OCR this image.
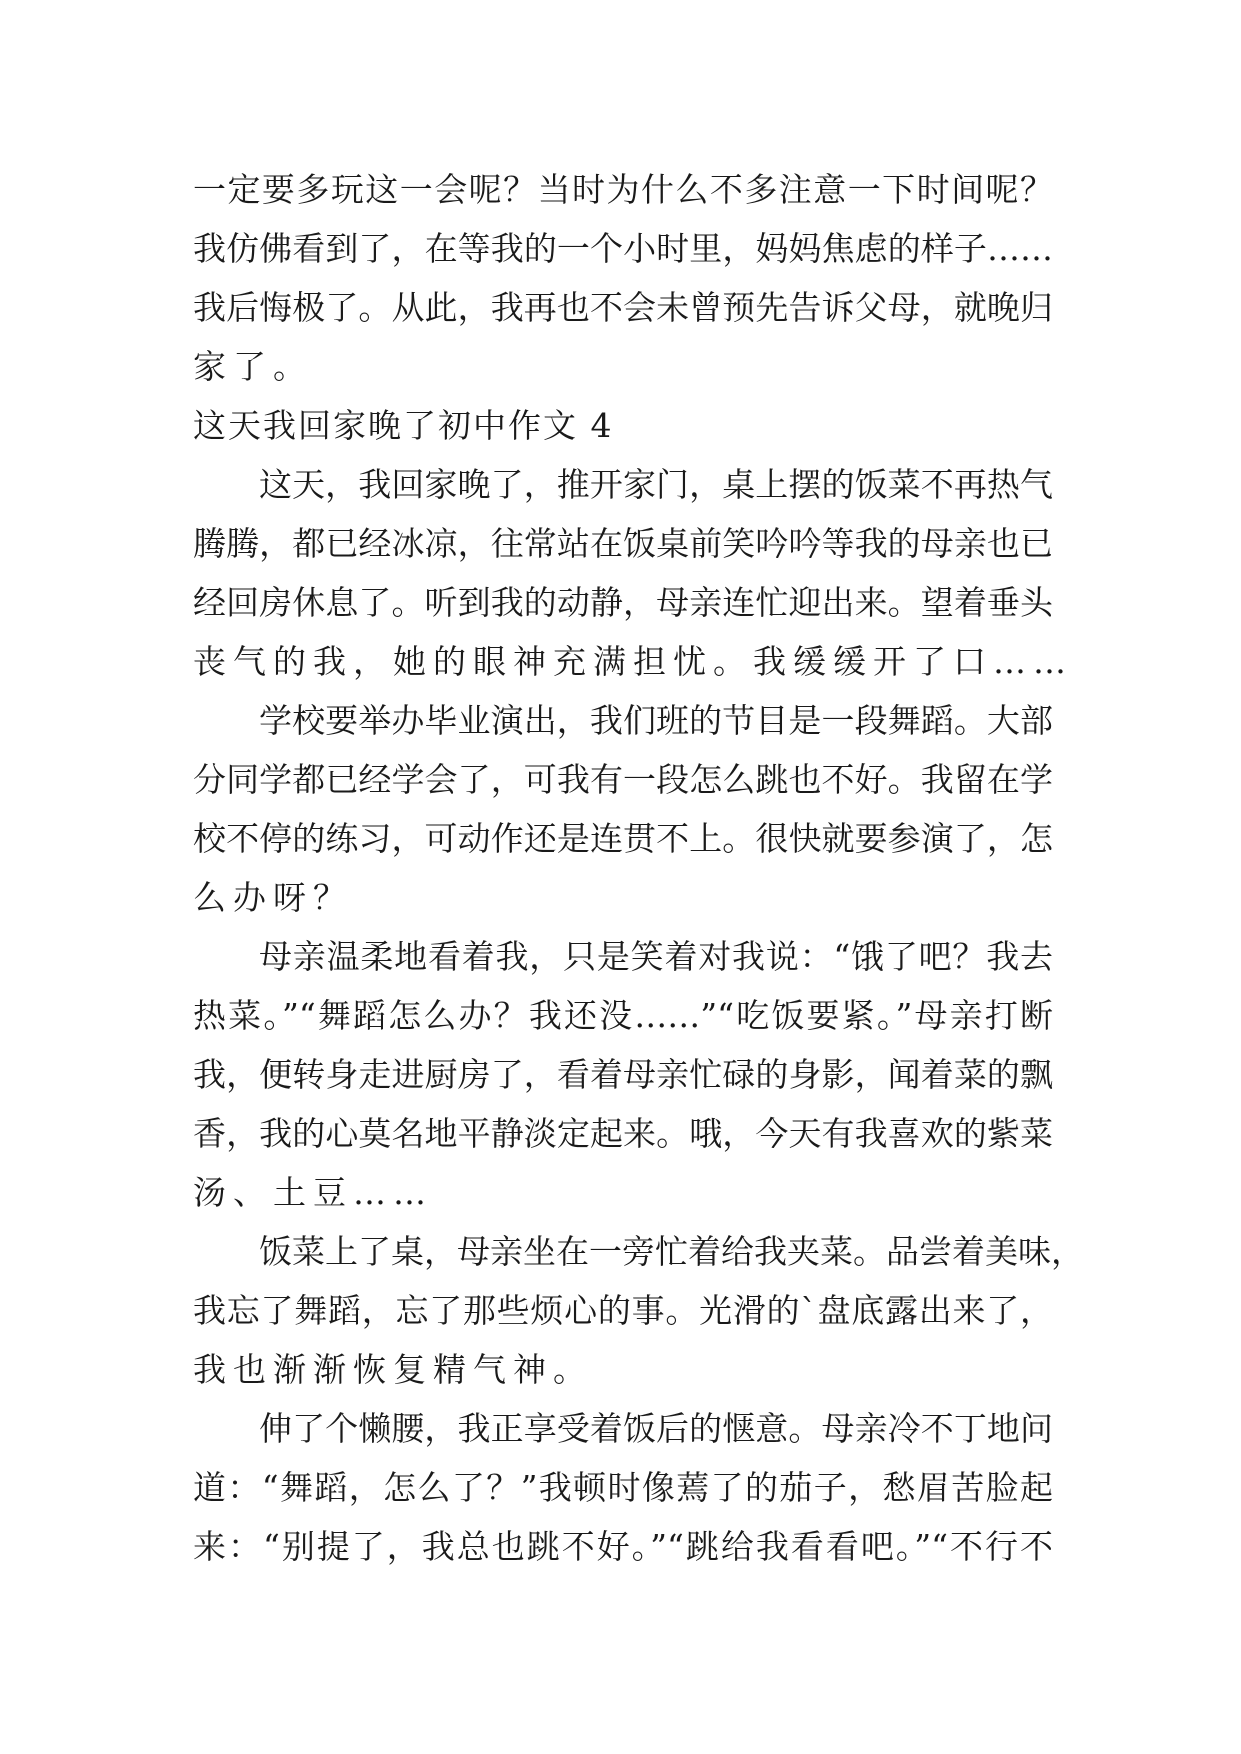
一定要多玩这一会呢？当时为什么不多注意一下时间呢？
我仿佛看到了，在等我的一个小时里，妈妈焦虑的样子……
我后悔极了。从此，我再也不会未曾预先告诉父母，就晚归
家了。
这天我回家晚了初中作文 4
这天，我回家晚了，推开家门，桌上摆的饭菜不再热气
腾腾，都已经冰凉，往常站在饭桌前笑吟吟等我的母亲也已
经回房休息了。听到我的动静，母亲连忙迎出来。望着垂头
丧气的我，她的眼神充满担忧。我缓缓开了口……
学校要举办毕业演出，我们班的节目是一段舞蹈。大部
分同学都已经学会了，可我有一段怎么跳也不好。我留在学
校不停的练习，可动作还是连贯不上。很快就要参演了，怎
么办呀？
母亲温柔地看着我，只是笑着对我说：“饿了吧？我去
热菜。”“舞蹈怎么办？我还没……”“吃饭要紧。”母亲打断
我，便转身走进厨房了，看着母亲忙碌的身影，闻着菜的飘
香，我的心莫名地平静淡定起来。哦，今天有我喜欢的紫菜
汤、土豆……
饭菜上了桌，母亲坐在一旁忙着给我夹菜。品尝着美味，
我忘了舞蹈，忘了那些烦心的事。光滑的`盘底露出来了，
我也渐渐恢复精气神。
伸了个懒腰，我正享受着饭后的惬意。母亲冷不丁地问
道：“舞蹈，怎么了？”我顿时像蔫了的茄子，愁眉苦脸起
来：“别提了，我总也跳不好。”“跳给我看看吧。”“不行不
